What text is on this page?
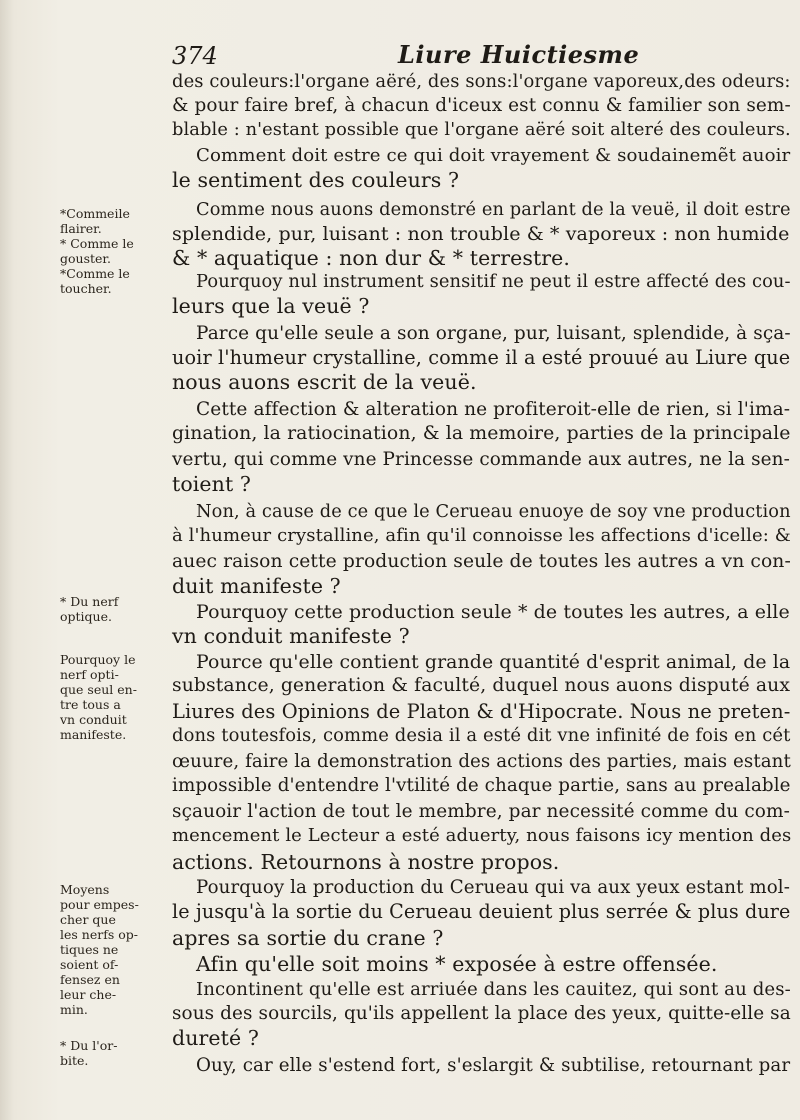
374	Liure Huictiesme
*Commeile
flairer.
* Comme le
gouster.
*Comme le
toucher.
* Du nerf
optique.
Pourquoy le
nerf opti-
que seul en-
tre tous a
vn conduit
manifeste.
Moyens
pour empes-
cher que
les nerfs op-
tiques ne
soient of-
fensez en
leur che-
min.
* Du l'or-
bite.
des couleurs:l'organe aëré, des sons:l'organe vaporeux,des odeurs:
& pour faire bref, à chacun d'iceux est connu & familier son sem-
blable : n'estant possible que l'organe aëré soit alteré des couleurs.
Comment doit estre ce qui doit vrayement & soudainemẽt auoir
le sentiment des couleurs ?
Comme nous auons demonstré en parlant de la veuë, il doit estre
splendide, pur, luisant : non trouble & * vaporeux : non humide
& * aquatique : non dur & * terrestre.
Pourquoy nul instrument sensitif ne peut il estre affecté des cou-
leurs que la veuë ?
Parce qu'elle seule a son organe, pur, luisant, splendide, à sça-
uoir l'humeur crystalline, comme il a esté prouué au Liure que
nous auons escrit de la veuë.
Cette affection & alteration ne profiteroit-elle de rien, si l'ima-
gination, la ratiocination, & la memoire, parties de la principale
vertu, qui comme vne Princesse commande aux autres, ne la sen-
toient ?
Non, à cause de ce que le Cerueau enuoye de soy vne production
à l'humeur crystalline, afin qu'il connoisse les affections d'icelle: &
auec raison cette production seule de toutes les autres a vn con-
duit manifeste ?
Pourquoy cette production seule * de toutes les autres, a elle
vn conduit manifeste ?
Pource qu'elle contient grande quantité d'esprit animal, de la
substance, generation & faculté, duquel nous auons disputé aux
Liures des Opinions de Platon & d'Hipocrate. Nous ne preten-
dons toutesfois, comme desia il a esté dit vne infinité de fois en cét
œuure, faire la demonstration des actions des parties, mais estant
impossible d'entendre l'vtilité de chaque partie, sans au prealable
sçauoir l'action de tout le membre, par necessité comme du com-
mencement le Lecteur a esté aduerty, nous faisons icy mention des
actions. Retournons à nostre propos.
Pourquoy la production du Cerueau qui va aux yeux estant mol-
le jusqu'à la sortie du Cerueau deuient plus serrée & plus dure
apres sa sortie du crane ?
Afin qu'elle soit moins * exposée à estre offensée.
Incontinent qu'elle est arriuée dans les cauitez, qui sont au des-
sous des sourcils, qu'ils appellent la place des yeux, quitte-elle sa
dureté ?
Ouy, car elle s'estend fort, s'eslargit & subtilise, retournant par
